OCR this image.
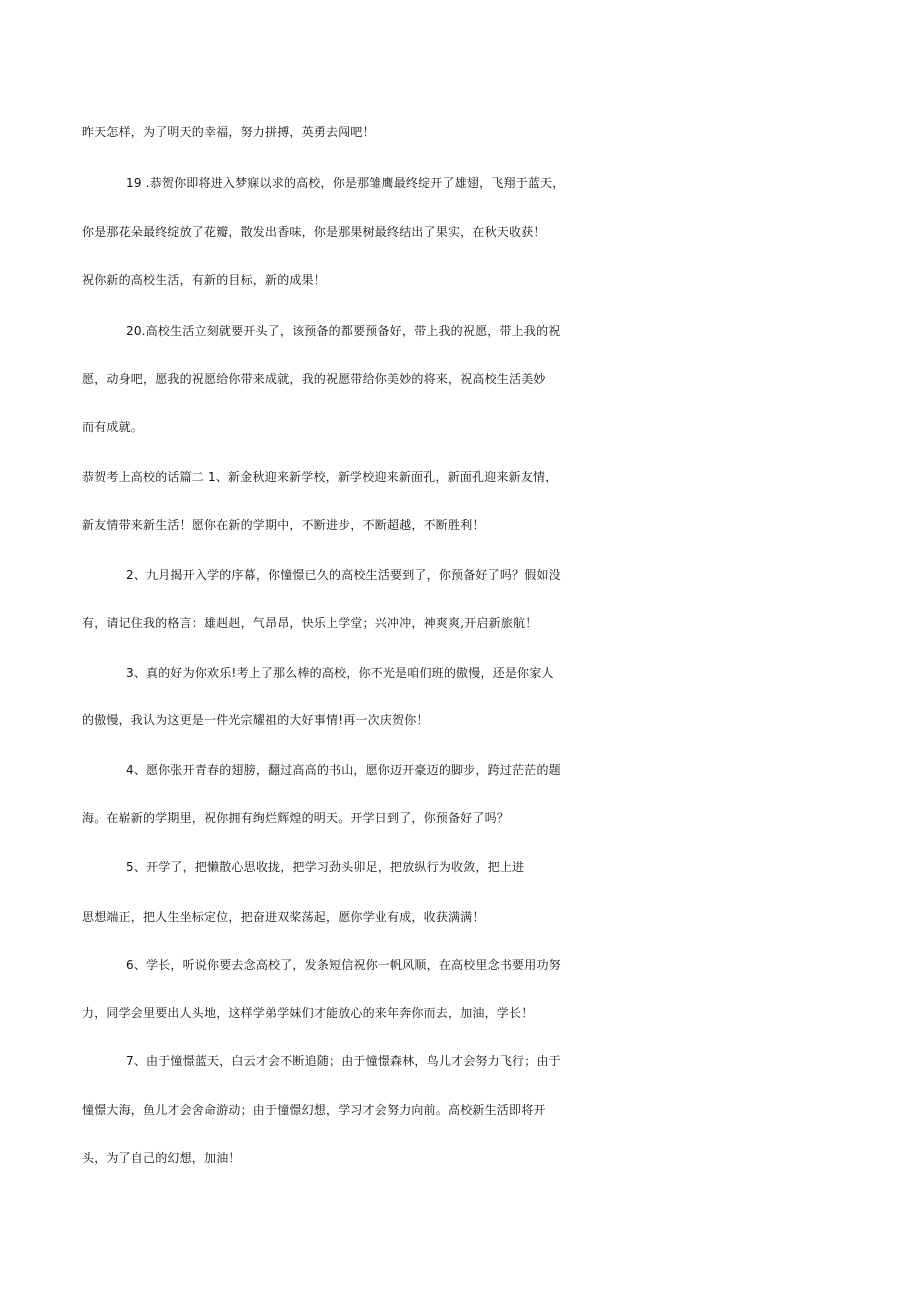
昨天怎样，为了明天的幸福，努力拼搏，英勇去闯吧！
19 .恭贺你即将进入梦寐以求的高校，你是那雏鹰最终绽开了雄翅，飞翔于蓝天，
你是那花朵最终绽放了花瓣，散发出香味，你是那果树最终结出了果实，在秋天收获！
祝你新的高校生活，有新的目标，新的成果！
20.高校生活立刻就要开头了，该预备的都要预备好，带上我的祝愿，带上我的祝
愿，动身吧，愿我的祝愿给你带来成就，我的祝愿带给你美妙的将来，祝高校生活美妙
而有成就。
恭贺考上高校的话篇二 1、新金秋迎来新学校，新学校迎来新面孔，新面孔迎来新友情，
新友情带来新生活！愿你在新的学期中，不断进步，不断超越，不断胜利！
2、九月揭开入学的序幕，你憧憬已久的高校生活要到了，你预备好了吗？假如没
有，请记住我的格言：雄赳赳，气昂昂，快乐上学堂；兴冲冲，神爽爽,开启新旅航！
3、真的好为你欢乐!考上了那么棒的高校，你不光是咱们班的傲慢，还是你家人
的傲慢，我认为这更是一件光宗耀祖的大好事情!再一次庆贺你！
4、愿你张开青春的翅膀，翻过高高的书山，愿你迈开豪迈的脚步，跨过茫茫的题
海。在崭新的学期里，祝你拥有绚烂辉煌的明天。开学日到了，你预备好了吗？
5、开学了，把懒散心思收拢，把学习劲头卯足，把放纵行为收敛，把上进
思想端正，把人生坐标定位，把奋进双桨荡起，愿你学业有成，收获满满！
6、学长，听说你要去念高校了，发条短信祝你一帆风顺，在高校里念书要用功努
力，同学会里要出人头地，这样学弟学妹们才能放心的来年奔你而去，加油，学长！
7、由于憧憬蓝天，白云才会不断追随；由于憧憬森林，鸟儿才会努力飞行；由于
憧憬大海，鱼儿才会舍命游动；由于憧憬幻想，学习才会努力向前。高校新生活即将开
头，为了自己的幻想，加油！
